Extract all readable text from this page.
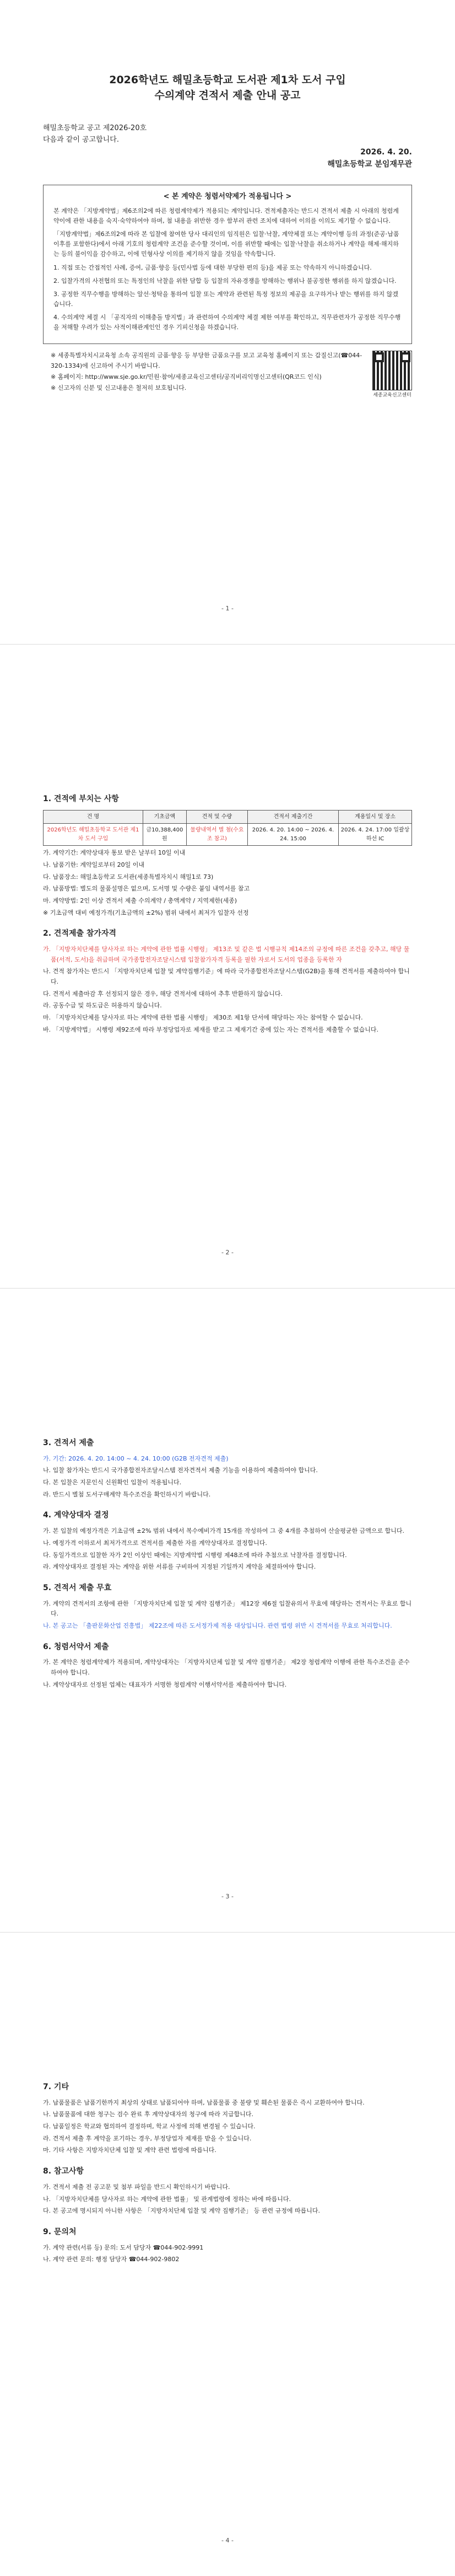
2026학년도 해밀초등학교 도서관 제1차 도서 구입
수의계약 견적서 제출 안내 공고
해밀초등학교 공고 제2026-20호
다음과 같이 공고합니다.
2026. 4. 20.
해밀초등학교 분임재무관
< 본 계약은 청렴서약제가 적용됩니다 >

본 계약은 「지방계약법」제6조의2에 따른 청렴계약제가 적용되는 계약입니다. 견적제출자는 반드시 견적서 제출 시 아래의 청렴계약이에 관한 내용을 숙지·숙약하여야 하며, 첨 내용을 위반한 경우 함부러 관련 조치에 대하여 이의를 이의도 제기할 수 없습니다.

「지방계약법」제6조의2에 따라 본 입찰에 참여한 당사 대리인의 임직원은 입찰·낙찰, 계약체결 또는 계약이행 등의 과정(준공·납품 이후를 포함한다)에서 아래 기호의 청렴계약 조건을 준수할 것이며, 이를 위반할 때에는 입찰·낙찰을 취소하거나 계약을 해제·해지하는 등의 불이익을 감수하고, 이에 민형사상 이의를 제기하지 않을 것임을 약속합니다.

1. 직접 또는 간접적인 사례, 증여, 금품·향응 등(민사법 등에 대한 부당한 편의 등)을 제공 또는 약속하지 아니하겠습니다.

2. 입찰가격의 사전협의 또는 특정인의 낙찰을 위한 담합 등 입찰의 자유경쟁을 방해하는 행위나 불공정한 행위를 하지 않겠습니다.

3. 공정한 직무수행을 방해하는 알선·청탁을 통하여 입찰 또는 계약과 관련된 특정 정보의 제공을 요구하거나 받는 행위를 하지 않겠습니다.

4. 수의계약 체결 시 「공직자의 이해충돌 방지법」과 관련하여 수의계약 체결 제한 여부를 확인하고, 직무관련자가 공정한 직무수행을 저해할 우려가 있는 사적이해관계인인 경우 기피신청을 하겠습니다.

※ 세종특별자치시교육청 소속 공직원의 금품·향응 등 부당한 금품요구를 보고 교육청 홈페이지 또는 갑질신고(☎044-320-1334)에 신고하여 주시기 바랍니다.
※ 홈페이지: http://www.sje.go.kr/민원·참여/세종교육신고센터/공직비리익명신고센터(QR코드 인식)
※ 신고자의 신분 및 신고내용은 철저히 보호됩니다.
세종교육신고센터
- 1 -
1. 견적에 부치는 사항
건 명	기초금액	견적 및 수량	견적서 제출기간	계용일시 및 장소
2026학년도 해밀초등학교 도서관 제1차 도서 구입	금10,388,400원	물량내역서 별 첨(수요조 참고)	2026. 4. 20. 14:00 ~ 2026. 4. 24. 15:00	2026. 4. 24. 17:00 일괄상하선 IC
가. 계약기간: 계약상대자 통보 받은 날부터 10일 이내
나. 납품기한: 계약일로부터 20일 이내
다. 납품장소: 해밀초등학교 도서관(세종특별자치시 해밀1로 73)
라. 납품방법: 별도의 물품설명은 없으며, 도서명 및 수량은 붙임 내역서를 참고
마. 계약방법: 2인 이상 견적서 제출 수의계약 / 총액계약 / 지역제한(세종)
※ 기초금액 대비 예정가격(기초금액의 ±2%) 범위 내에서 최저가 입찰자 선정
2. 견적제출 참가자격
가. 「지방자치단체를 당사자로 하는 계약에 관한 법률 시행령」 제13조 및 같은 법 시행규칙 제14조의 규정에 따른 조건을 갖추고, 해당 물품(서적, 도서)을 취급하며 국가종합전자조달시스템 입찰참가자격 등록을 필한 자로서 도서의 업종을 등록한 자
나. 견적 참가자는 반드시 「지방자치단체 입찰 및 계약집행기준」에 따라 국가종합전자조달시스템(G2B)을 통해 견적서를 제출하여야 합니다.
다. 견적서 제출마감 후 선정되지 않은 경우, 해당 견적서에 대하여 추후 반환하지 않습니다.
라. 공동수급 및 하도급은 허용하지 않습니다.
마. 「지방자치단체를 당사자로 하는 계약에 관한 법률 시행령」 제30조 제1항 단서에 해당하는 자는 참여할 수 없습니다.
바. 「지방계약법」 시행령 제92조에 따라 부정당업자로 제재를 받고 그 제재기간 중에 있는 자는 견적서를 제출할 수 없습니다.
- 2 -
3. 견적서 제출
가. 기간: 2026. 4. 20. 14:00 ~ 4. 24. 10:00 (G2B 전자견적 제출)
나. 입찰 참가자는 반드시 국가종합전자조달시스템 전자견적서 제출 기능을 이용하여 제출하여야 합니다.
다. 본 입찰은 지문인식 신원확인 입찰이 적용됩니다.
라. 반드시 별첨 도서구매계약 특수조건을 확인하시기 바랍니다.
4. 계약상대자 결정
가. 본 입찰의 예정가격은 기초금액 ±2% 범위 내에서 복수예비가격 15개를 작성하여 그 중 4개를 추첨하여 산술평균한 금액으로 합니다.
나. 예정가격 이하로서 최저가격으로 견적서를 제출한 자를 계약상대자로 결정합니다.
다. 동일가격으로 입찰한 자가 2인 이상인 때에는 지방계약법 시행령 제48조에 따라 추첨으로 낙찰자를 결정합니다.
라. 계약상대자로 결정된 자는 계약을 위한 서류를 구비하여 지정된 기일까지 계약을 체결하여야 합니다.
5. 견적서 제출 무효
가. 계약의 견적서의 조항에 관한 「지방자치단체 입찰 및 계약 집행기준」 제12장 제6절 입찰유의서 무효에 해당하는 견적서는 무효로 합니다.
나. 본 공고는 「출판문화산업 진흥법」 제22조에 따른 도서정가제 적용 대상입니다. 관련 법령 위반 시 견적서를 무효로 처리합니다.
6. 청렴서약서 제출
가. 본 계약은 청렴계약제가 적용되며, 계약상대자는 「지방자치단체 입찰 및 계약 집행기준」 제2장 청렴계약 이행에 관한 특수조건을 준수하여야 합니다.
나. 계약상대자로 선정된 업체는 대표자가 서명한 청렴계약 이행서약서를 제출하여야 합니다.
- 3 -
7. 기타
가. 납품물품은 납품기한까지 최상의 상태로 납품되어야 하며, 납품물품 중 불량 및 훼손된 물품은 즉시 교환하여야 합니다.
나. 납품물품에 대한 청구는 검수 완료 후 계약상대자의 청구에 따라 지급합니다.
다. 납품일정은 학교와 협의하여 결정하며, 학교 사정에 의해 변경될 수 있습니다.
라. 견적서 제출 후 계약을 포기하는 경우, 부정당업자 제재를 받을 수 있습니다.
마. 기타 사항은 지방자치단체 입찰 및 계약 관련 법령에 따릅니다.
8. 참고사항
가. 견적서 제출 전 공고문 및 첨부 파일을 반드시 확인하시기 바랍니다.
나. 「지방자치단체를 당사자로 하는 계약에 관한 법률」 및 관계법령에 정하는 바에 따릅니다.
다. 본 공고에 명시되지 아니한 사항은 「지방자치단체 입찰 및 계약 집행기준」 등 관련 규정에 따릅니다.
9. 문의처
가. 계약 관련(서류 등) 문의: 도서 담당자 ☎044-902-9991
나. 계약 관련 문의: 행정 담당자 ☎044-902-9802
- 4 -
